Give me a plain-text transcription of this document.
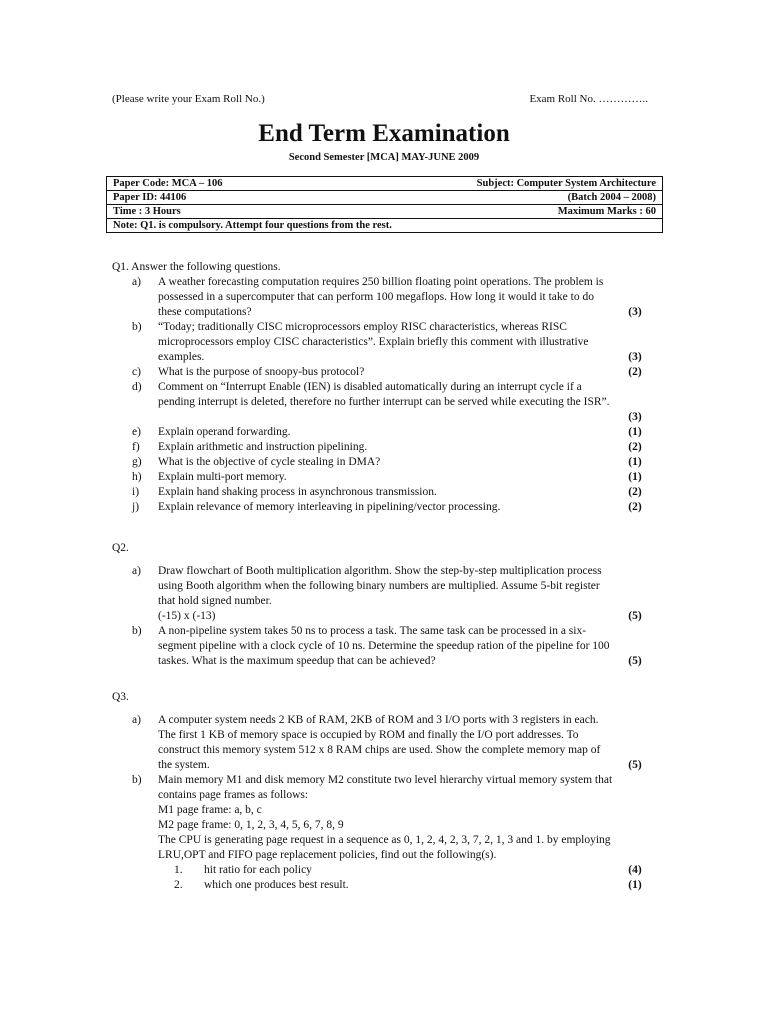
(Please write your Exam Roll No.)	Exam Roll No. …………..
End Term Examination
Second Semester [MCA] MAY-JUNE 2009
Paper Code: MCA – 106	Subject: Computer System Architecture

Paper ID: 44106	(Batch 2004 – 2008)

Time : 3 Hours	Maximum Marks : 60

Note: Q1. is compulsory. Attempt four questions from the rest.

Q1. Answer the following questions.

a)	A weather forecasting computation requires 250 billion floating point operations. The problem is possessed in a supercomputer that can perform 100 megaflops. How long it would it take to do these computations?	(3)
b)	“Today; traditionally CISC microprocessors employ RISC characteristics, whereas RISC microprocessors employ CISC characteristics”. Explain briefly this comment with illustrative examples.	(3)
c)	What is the purpose of snoopy-bus protocol?	(2)
d)	Comment on “Interrupt Enable (IEN) is disabled automatically during an interrupt cycle if a pending interrupt is deleted, therefore no further interrupt can be served while executing the ISR”.
(3)
e)	Explain operand forwarding.	(1)
f)	Explain arithmetic and instruction pipelining.	(2)
g)	What is the objective of cycle stealing in DMA?	(1)
h)	Explain multi-port memory.	(1)
i)	Explain hand shaking process in asynchronous transmission.	(2)
j)	Explain relevance of memory interleaving in pipelining/vector processing.	(2)

Q2.

a)	Draw flowchart of Booth multiplication algorithm. Show the step-by-step multiplication process using Booth algorithm when the following binary numbers are multiplied. Assume 5-bit register that hold signed number.
(-15) x (-13)	(5)
b)	A non-pipeline system takes 50 ns to process a task. The same task can be processed in a six-segment pipeline with a clock cycle of 10 ns. Determine the speedup ration of the pipeline for 100 taskes. What is the maximum speedup that can be achieved?	(5)

Q3.

a)	A computer system needs 2 KB of RAM, 2KB of ROM and 3 I/O ports with 3 registers in each. The first 1 KB of memory space is occupied by ROM and finally the I/O port addresses. To construct this memory system 512 x 8 RAM chips are used. Show the complete memory map of the system.	(5)
b)	Main memory M1 and disk memory M2 constitute two level hierarchy virtual memory system that contains page frames as follows:
M1 page frame: a, b, c
M2 page frame: 0, 1, 2, 3, 4, 5, 6, 7, 8, 9
The CPU is generating page request in a sequence as 0, 1, 2, 4, 2, 3, 7, 2, 1, 3 and 1. by employing LRU,OPT and FIFO page replacement policies, find out the following(s).
1.	hit ratio for each policy	(4)
2.	which one produces best result.	(1)
